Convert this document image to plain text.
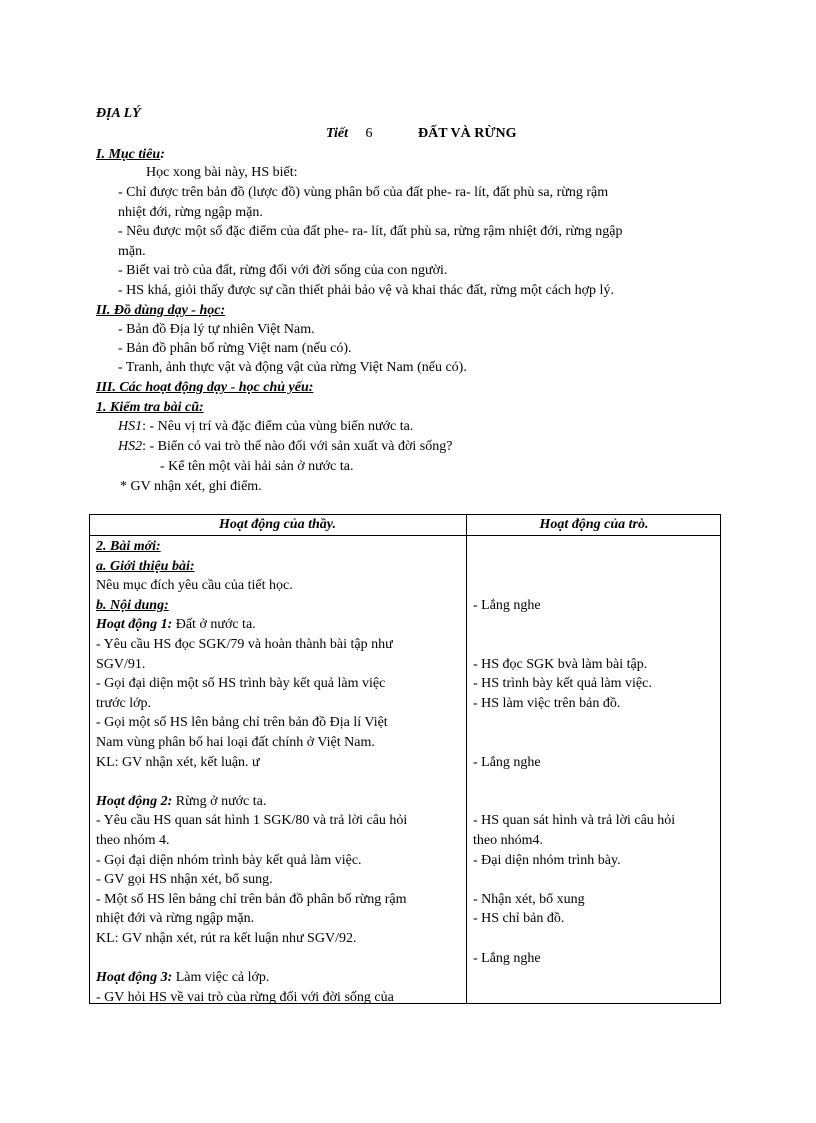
ĐỊA LÝ
Tiết 6	ĐẤT VÀ RỪNG
I. Mục tiêu:
Học xong bài này, HS biết:
II. Đồ dùng dạy - học:
III. Các hoạt động dạy - học chủ yếu:
1. Kiểm tra bài cũ:
HS1: - Nêu vị trí và đặc điểm của vùng biển nước ta.
HS2: - Biển có vai trò thế nào đối với sản xuất và đời sống?
- Kể tên một vài hải sản ở nước ta.
* GV nhận xét, ghi điểm.
Hoạt động của thầy.	Hoạt động của trò.
- Chỉ được trên bản đồ (lược đồ) vùng phân bố của đất phe- ra- lít, đất phù sa, rừng rậm
nhiệt đới, rừng ngập mặn.
- Nêu được một số đặc điểm của đất phe- ra- lít, đất phù sa, rừng rậm nhiệt đới, rừng ngập
mặn.
- Biết vai trò của đất, rừng đối với đời sống của con người.
- HS khá, giỏi thấy được sự cần thiết phải bảo vệ và khai thác đất, rừng một cách hợp lý.
- Bản đồ Địa lý tự nhiên Việt Nam.
- Bản đồ phân bố rừng Việt nam (nếu có).
- Tranh, ảnh thực vật và động vật của rừng Việt Nam (nếu có).
2. Bài mới:
a. Giới thiệu bài:
Nêu mục đích yêu cầu của tiết học.
b. Nội dung:
Hoạt động 1: Đất ở nước ta.
- Yêu cầu HS đọc SGK/79 và hoàn thành bài tập như
SGV/91.
- Gọi đại diện một số HS trình bày kết quả làm việc
trước lớp.
- Gọi một số HS lên bảng chỉ trên bản đồ Địa lí Việt
Nam vùng phân bố hai loại đất chính ở Việt Nam.
KL: GV nhận xét, kết luận. ư
Hoạt động 2: Rừng ở nước ta.
- Yêu cầu HS quan sát hình 1 SGK/80 và trả lời câu hỏi
theo nhóm 4.
- Gọi đại diện nhóm trình bày kết quả làm việc.
- GV gọi HS nhận xét, bổ sung.
- Một số HS lên bảng chỉ trên bản đồ phân bố rừng rậm
nhiệt đới và rừng ngập mặn.
KL: GV nhận xét, rút ra kết luận như SGV/92.
Hoạt động 3: Làm việc cả lớp.
- GV hỏi HS về vai trò của rừng đối với đời sống của
- Lắng nghe
- HS đọc SGK bvà làm bài tập.
- HS trình bày kết quả làm việc.
- HS làm việc trên bản đồ.
- Lắng nghe
- HS quan sát hình và trả lời câu hỏi
theo nhóm4.
- Đại diện nhóm trình bày.
- Nhận xét, bổ xung
- HS chỉ bản đồ.
- Lắng nghe
